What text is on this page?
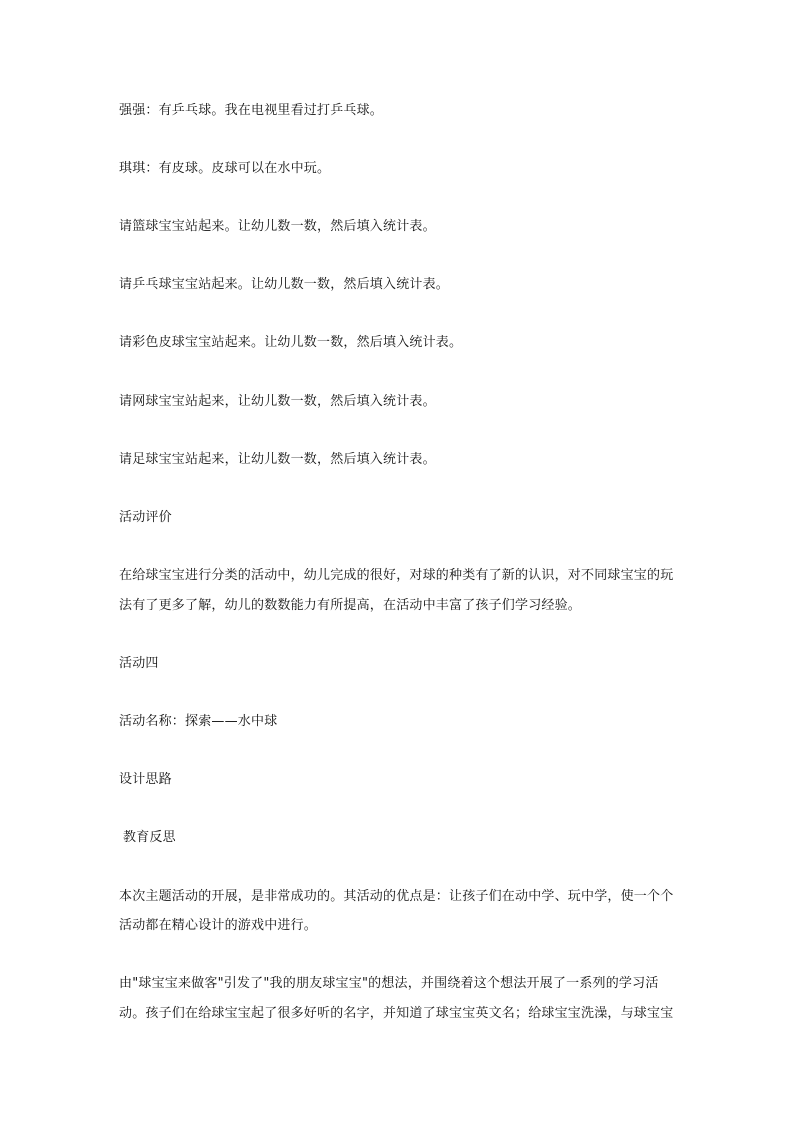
强强：有乒乓球。我在电视里看过打乒乓球。
琪琪：有皮球。皮球可以在水中玩。
请篮球宝宝站起来。让幼儿数一数，然后填入统计表。
请乒乓球宝宝站起来。让幼儿数一数，然后填入统计表。
请彩色皮球宝宝站起来。让幼儿数一数，然后填入统计表。
请网球宝宝站起来，让幼儿数一数，然后填入统计表。
请足球宝宝站起来，让幼儿数一数，然后填入统计表。
活动评价
在给球宝宝进行分类的活动中，幼儿完成的很好，对球的种类有了新的认识，对不同球宝宝的玩
法有了更多了解，幼儿的数数能力有所提高，在活动中丰富了孩子们学习经验。
活动四
活动名称：探索——水中球
设计思路
教育反思
本次主题活动的开展，是非常成功的。其活动的优点是：让孩子们在动中学、玩中学，使一个个
活动都在精心设计的游戏中进行。
由"球宝宝来做客"引发了"我的朋友球宝宝"的想法，并围绕着这个想法开展了一系列的学习活
动。孩子们在给球宝宝起了很多好听的名字，并知道了球宝宝英文名；给球宝宝洗澡，与球宝宝
